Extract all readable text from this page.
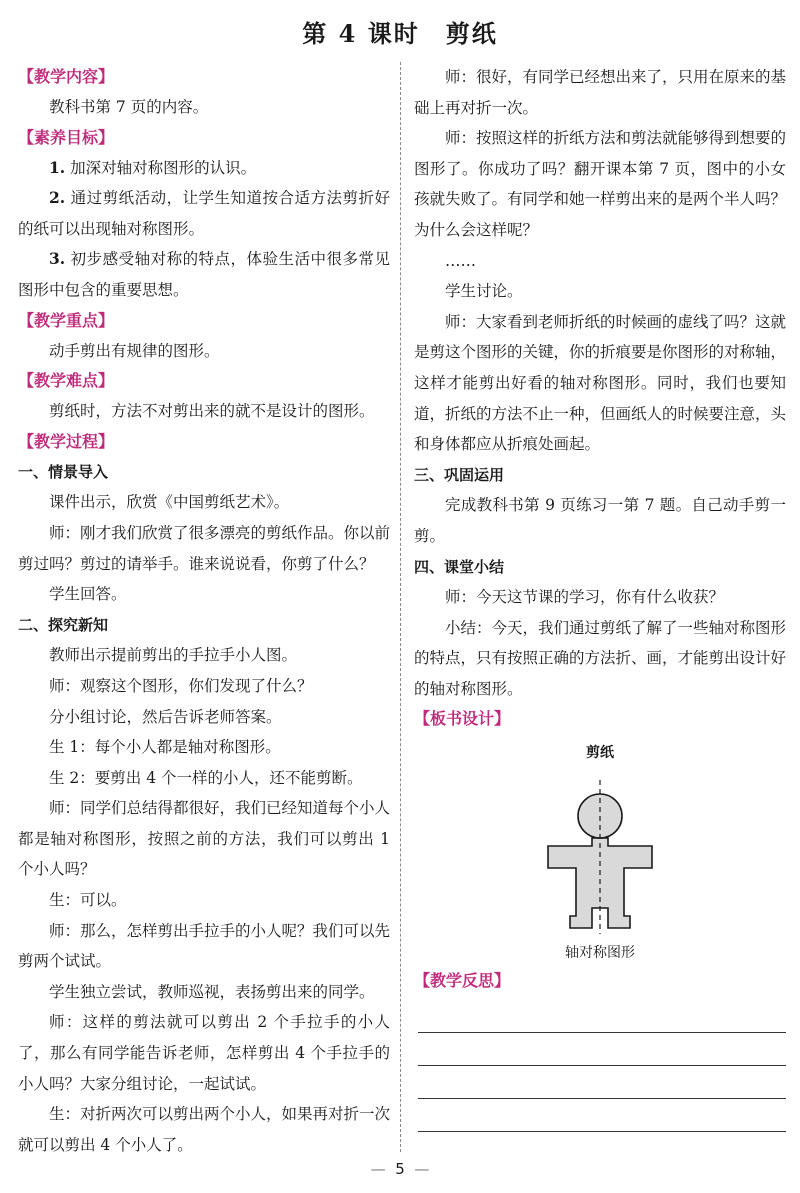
第 4 课时　剪纸
【教学内容】

教科书第 7 页的内容。

【素养目标】

1. 加深对轴对称图形的认识。

2. 通过剪纸活动，让学生知道按合适方法剪折好的纸可以出现轴对称图形。

3. 初步感受轴对称的特点，体验生活中很多常见图形中包含的重要思想。

【教学重点】

动手剪出有规律的图形。

【教学难点】

剪纸时，方法不对剪出来的就不是设计的图形。

【教学过程】
一、情景导入

课件出示，欣赏《中国剪纸艺术》。

师：刚才我们欣赏了很多漂亮的剪纸作品。你以前剪过吗？剪过的请举手。谁来说说看，你剪了什么？

学生回答。

二、探究新知

教师出示提前剪出的手拉手小人图。

师：观察这个图形，你们发现了什么？

分小组讨论，然后告诉老师答案。

生 1：每个小人都是轴对称图形。

生 2：要剪出 4 个一样的小人，还不能剪断。

师：同学们总结得都很好，我们已经知道每个小人都是轴对称图形，按照之前的方法，我们可以剪出 1 个小人吗？

生：可以。

师：那么，怎样剪出手拉手的小人呢？我们可以先剪两个试试。

学生独立尝试，教师巡视，表扬剪出来的同学。

师：这样的剪法就可以剪出 2 个手拉手的小人了，那么有同学能告诉老师，怎样剪出 4 个手拉手的小人吗？大家分组讨论，一起试试。

生：对折两次可以剪出两个小人，如果再对折一次就可以剪出 4 个小人了。

师：很好，有同学已经想出来了，只用在原来的基础上再对折一次。

师：按照这样的折纸方法和剪法就能够得到想要的图形了。你成功了吗？翻开课本第 7 页，图中的小女孩就失败了。有同学和她一样剪出来的是两个半人吗？为什么会这样呢？

……

学生讨论。

师：大家看到老师折纸的时候画的虚线了吗？这就是剪这个图形的关键，你的折痕要是你图形的对称轴，这样才能剪出好看的轴对称图形。同时，我们也要知道，折纸的方法不止一种，但画纸人的时候要注意，头和身体都应从折痕处画起。

三、巩固运用

完成教科书第 9 页练习一第 7 题。自己动手剪一剪。

四、课堂小结

师：今天这节课的学习，你有什么收获？

小结：今天，我们通过剪纸了解了一些轴对称图形的特点，只有按照正确的方法折、画，才能剪出设计好的轴对称图形。

【板书设计】
剪纸
轴对称图形
【教学反思】
— 5 —
